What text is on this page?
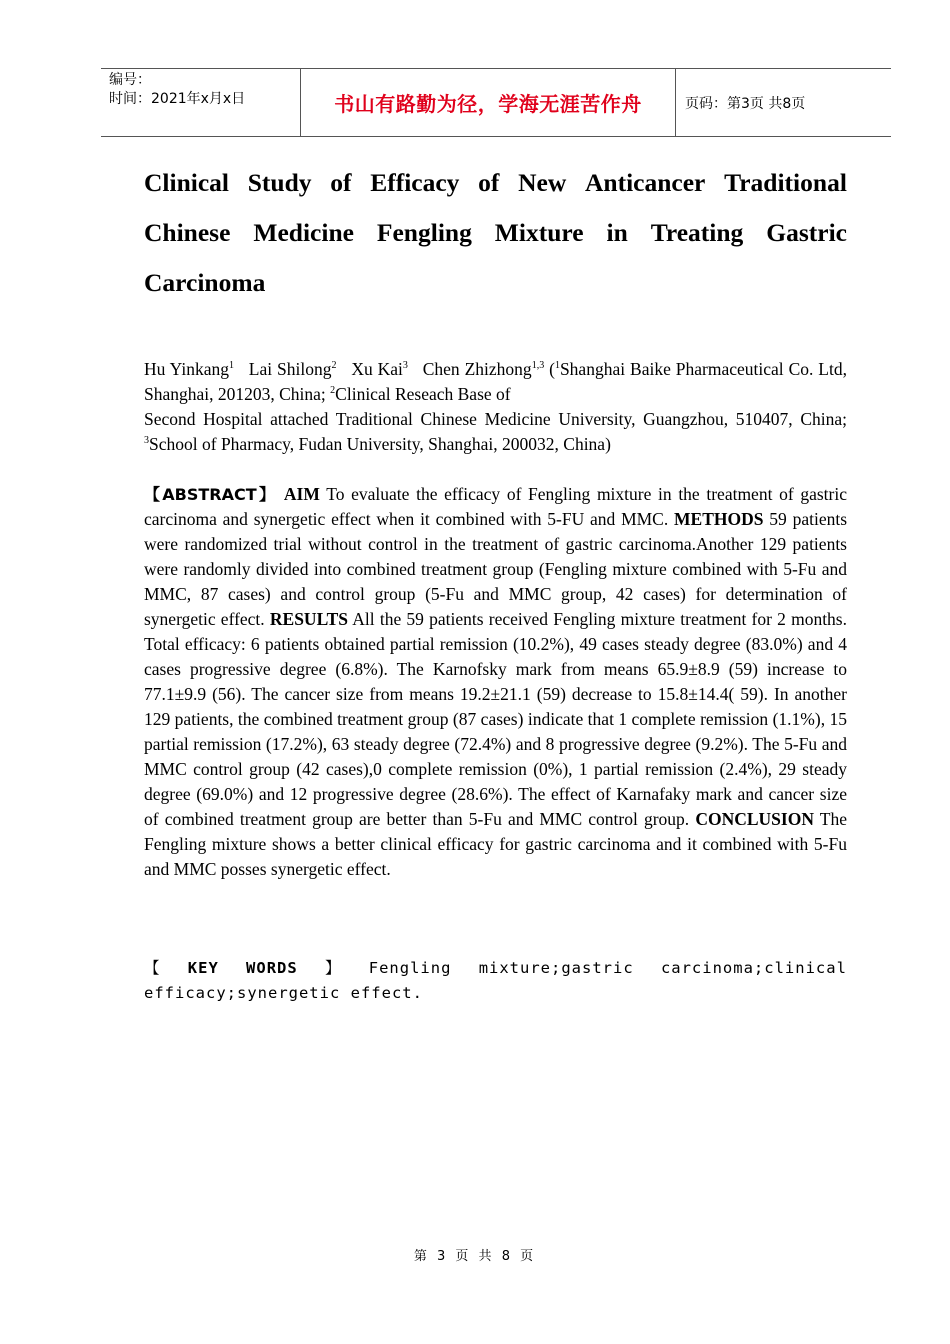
编号：
时间：2021年x月x日	书山有路勤为径，学海无涯苦作舟	页码：第3页 共8页
Clinical Study of Efficacy of New Anticancer Traditional
Chinese Medicine Fengling Mixture in Treating Gastric
Carcinoma
Hu Yinkang$^1$ Lai Shilong$^2$ Xu Kai$^3$ Chen Zhizhong$^{1,3}$ ($^1$Shanghai Baike Pharmaceutical Co. Ltd, Shanghai, 201203, China; $^2$Clinical Reseach Base of
Second Hospital attached Traditional Chinese Medicine University, Guangzhou, 510407, China; $^3$School of Pharmacy, Fudan University, Shanghai, 200032, China)
【ABSTRACT】 AIM To evaluate the efficacy of Fengling mixture in the treatment of gastric carcinoma and synergetic effect when it combined with 5-FU and MMC. METHODS 59 patients were randomized trial without control in the treatment of gastric carcinoma.Another 129 patients were randomly divided into combined treatment group (Fengling mixture combined with 5-Fu and MMC, 87 cases) and control group (5-Fu and MMC group, 42 cases) for determination of synergetic effect. RESULTS All the 59 patients received Fengling mixture treatment for 2 months. Total efficacy: 6 patients obtained partial remission (10.2%), 49 cases steady degree (83.0%) and 4 cases progressive degree (6.8%). The Karnofsky mark from means 65.9±8.9 (59) increase to 77.1±9.9 (56). The cancer size from means 19.2±21.1 (59) decrease to 15.8±14.4( 59). In another 129 patients, the combined treatment group (87 cases) indicate that 1 complete remission (1.1%), 15 partial remission (17.2%), 63 steady degree (72.4%) and 8 progressive degree (9.2%). The 5-Fu and MMC control group (42 cases),0 complete remission (0%), 1 partial remission (2.4%), 29 steady degree (69.0%) and 12 progressive degree (28.6%). The effect of Karnafaky mark and cancer size of combined treatment group are better than 5-Fu and MMC control group. CONCLUSION The Fengling mixture shows a better clinical efficacy for gastric carcinoma and it combined with 5-Fu and MMC posses synergetic effect.
【 KEY WORDS 】 Fengling mixture;gastric carcinoma;clinical
efficacy;synergetic effect.
第 3 页 共 8 页
